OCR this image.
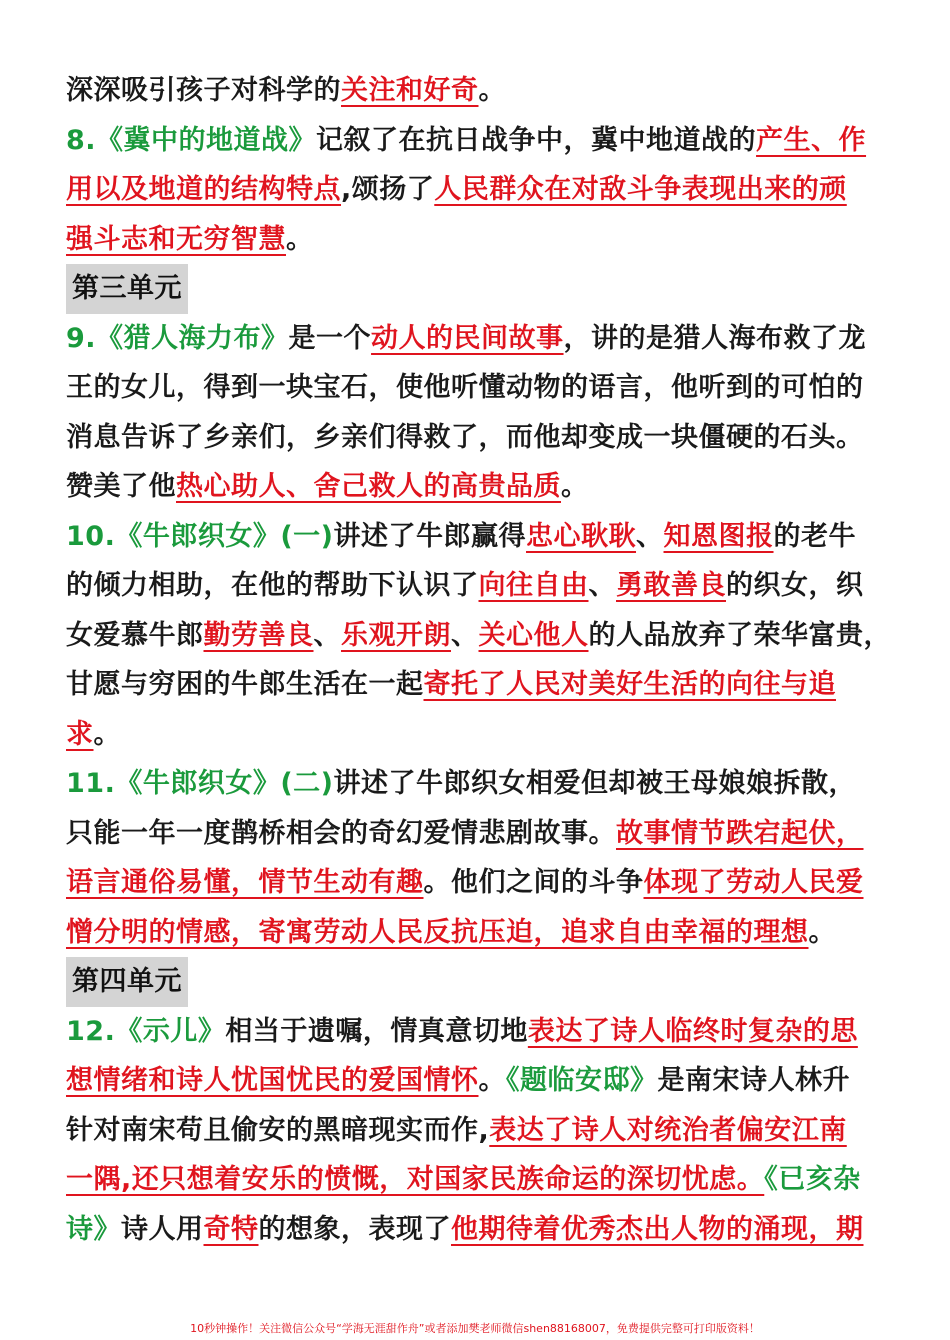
深深吸引孩子对科学的关注和好奇。
8.《冀中的地道战》记叙了在抗日战争中，冀中地道战的产生、作
用以及地道的结构特点,颂扬了人民群众在对敌斗争表现出来的顽
强斗志和无穷智慧。
第三单元
9.《猎人海力布》是一个动人的民间故事，讲的是猎人海布救了龙
王的女儿，得到一块宝石，使他听懂动物的语言，他听到的可怕的
消息告诉了乡亲们，乡亲们得救了，而他却变成一块僵硬的石头。
赞美了他热心助人、舍己救人的高贵品质。
10.《牛郎织女》(一)讲述了牛郎赢得忠心耿耿、知恩图报的老牛
的倾力相助，在他的帮助下认识了向往自由、勇敢善良的织女，织
女爱慕牛郎勤劳善良、乐观开朗、关心他人的人品放弃了荣华富贵，
甘愿与穷困的牛郎生活在一起寄托了人民对美好生活的向往与追
求。
11.《牛郎织女》(二)讲述了牛郎织女相爱但却被王母娘娘拆散，
只能一年一度鹊桥相会的奇幻爱情悲剧故事。故事情节跌宕起伏，
语言通俗易懂，情节生动有趣。他们之间的斗争体现了劳动人民爱
憎分明的情感，寄寓劳动人民反抗压迫，追求自由幸福的理想。
第四单元
12.《示儿》相当于遗嘱，情真意切地表达了诗人临终时复杂的思
想情绪和诗人忧国忧民的爱国情怀。《题临安邸》是南宋诗人林升
针对南宋苟且偷安的黑暗现实而作,表达了诗人对统治者偏安江南
一隅,还只想着安乐的愤慨，对国家民族命运的深切忧虑。《已亥杂
诗》诗人用奇特的想象，表现了他期待着优秀杰出人物的涌现，期
10秒钟操作！关注微信公众号“学海无涯甜作舟”或者添加樊老师微信shen88168007，免费提供完整可打印版资料！
